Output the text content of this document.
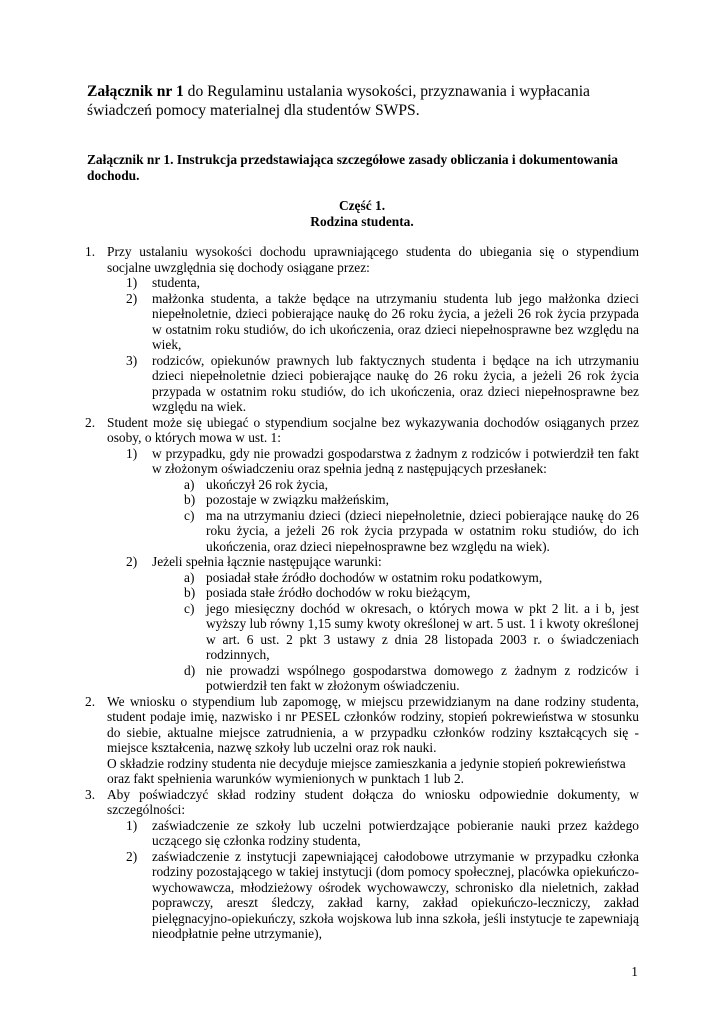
Załącznik nr 1 do Regulaminu ustalania wysokości, przyznawania i wypłacania świadczeń pomocy materialnej dla studentów SWPS.
Załącznik nr 1. Instrukcja przedstawiająca szczegółowe zasady obliczania i dokumentowania dochodu.
Część 1.
Rodzina studenta.
1. Przy ustalaniu wysokości dochodu uprawniającego studenta do ubiegania się o stypendium socjalne uwzględnia się dochody osiągane przez:
1) studenta,
2) małżonka studenta, a także będące na utrzymaniu studenta lub jego małżonka dzieci niepełnoletnie, dzieci pobierające naukę do 26 roku życia, a jeżeli 26 rok życia przypada w ostatnim roku studiów, do ich ukończenia, oraz dzieci niepełnosprawne bez względu na wiek,
3) rodziców, opiekunów prawnych lub faktycznych studenta i będące na ich utrzymaniu dzieci niepełnoletnie dzieci pobierające naukę do 26 roku życia, a jeżeli 26 rok życia przypada w ostatnim roku studiów, do ich ukończenia, oraz dzieci niepełnosprawne bez względu na wiek.
2. Student może się ubiegać o stypendium socjalne bez wykazywania dochodów osiąganych przez osoby, o których mowa w ust. 1:
1) w przypadku, gdy nie prowadzi gospodarstwa z żadnym z rodziców i potwierdził ten fakt w złożonym oświadczeniu oraz spełnia jedną z następujących przesłanek:
a) ukończył 26 rok życia,
b) pozostaje w związku małżeńskim,
c) ma na utrzymaniu dzieci (dzieci niepełnoletnie, dzieci pobierające naukę do 26 roku życia, a jeżeli 26 rok życia przypada w ostatnim roku studiów, do ich ukończenia, oraz dzieci niepełnosprawne bez względu na wiek).
2) Jeżeli spełnia łącznie następujące warunki:
a) posiadał stałe źródło dochodów w ostatnim roku podatkowym,
b) posiada stałe źródło dochodów w roku bieżącym,
c) jego miesięczny dochód w okresach, o których mowa w pkt 2 lit. a i b, jest wyższy lub równy 1,15 sumy kwoty określonej w art. 5 ust. 1 i kwoty określonej w art. 6 ust. 2 pkt 3 ustawy z dnia 28 listopada 2003 r. o świadczeniach rodzinnych,
d) nie prowadzi wspólnego gospodarstwa domowego z żadnym z rodziców i potwierdził ten fakt w złożonym oświadczeniu.
2. We wniosku o stypendium lub zapomogę, w miejscu przewidzianym na dane rodziny studenta, student podaje imię, nazwisko i nr PESEL członków rodziny, stopień pokrewieństwa w stosunku do siebie, aktualne miejsce zatrudnienia, a w przypadku członków rodziny kształcących się - miejsce kształcenia, nazwę szkoły lub uczelni oraz rok nauki.
O składzie rodziny studenta nie decyduje miejsce zamieszkania a jedynie stopień pokrewieństwa oraz fakt spełnienia warunków wymienionych w punktach 1 lub 2.
3. Aby poświadczyć skład rodziny student dołącza do wniosku odpowiednie dokumenty, w szczególności:
1) zaświadczenie ze szkoły lub uczelni potwierdzające pobieranie nauki przez każdego uczącego się członka rodziny studenta,
2) zaświadczenie z instytucji zapewniającej całodobowe utrzymanie w przypadku członka rodziny pozostającego w takiej instytucji (dom pomocy społecznej, placówka opiekuńczo-wychowawcza, młodzieżowy ośrodek wychowawczy, schronisko dla nieletnich, zakład poprawczy, areszt śledczy, zakład karny, zakład opiekuńczo-leczniczy, zakład pielęgnacyjno-opiekuńczy, szkoła wojskowa lub inna szkoła, jeśli instytucje te zapewniają nieodpłatnie pełne utrzymanie),
1
